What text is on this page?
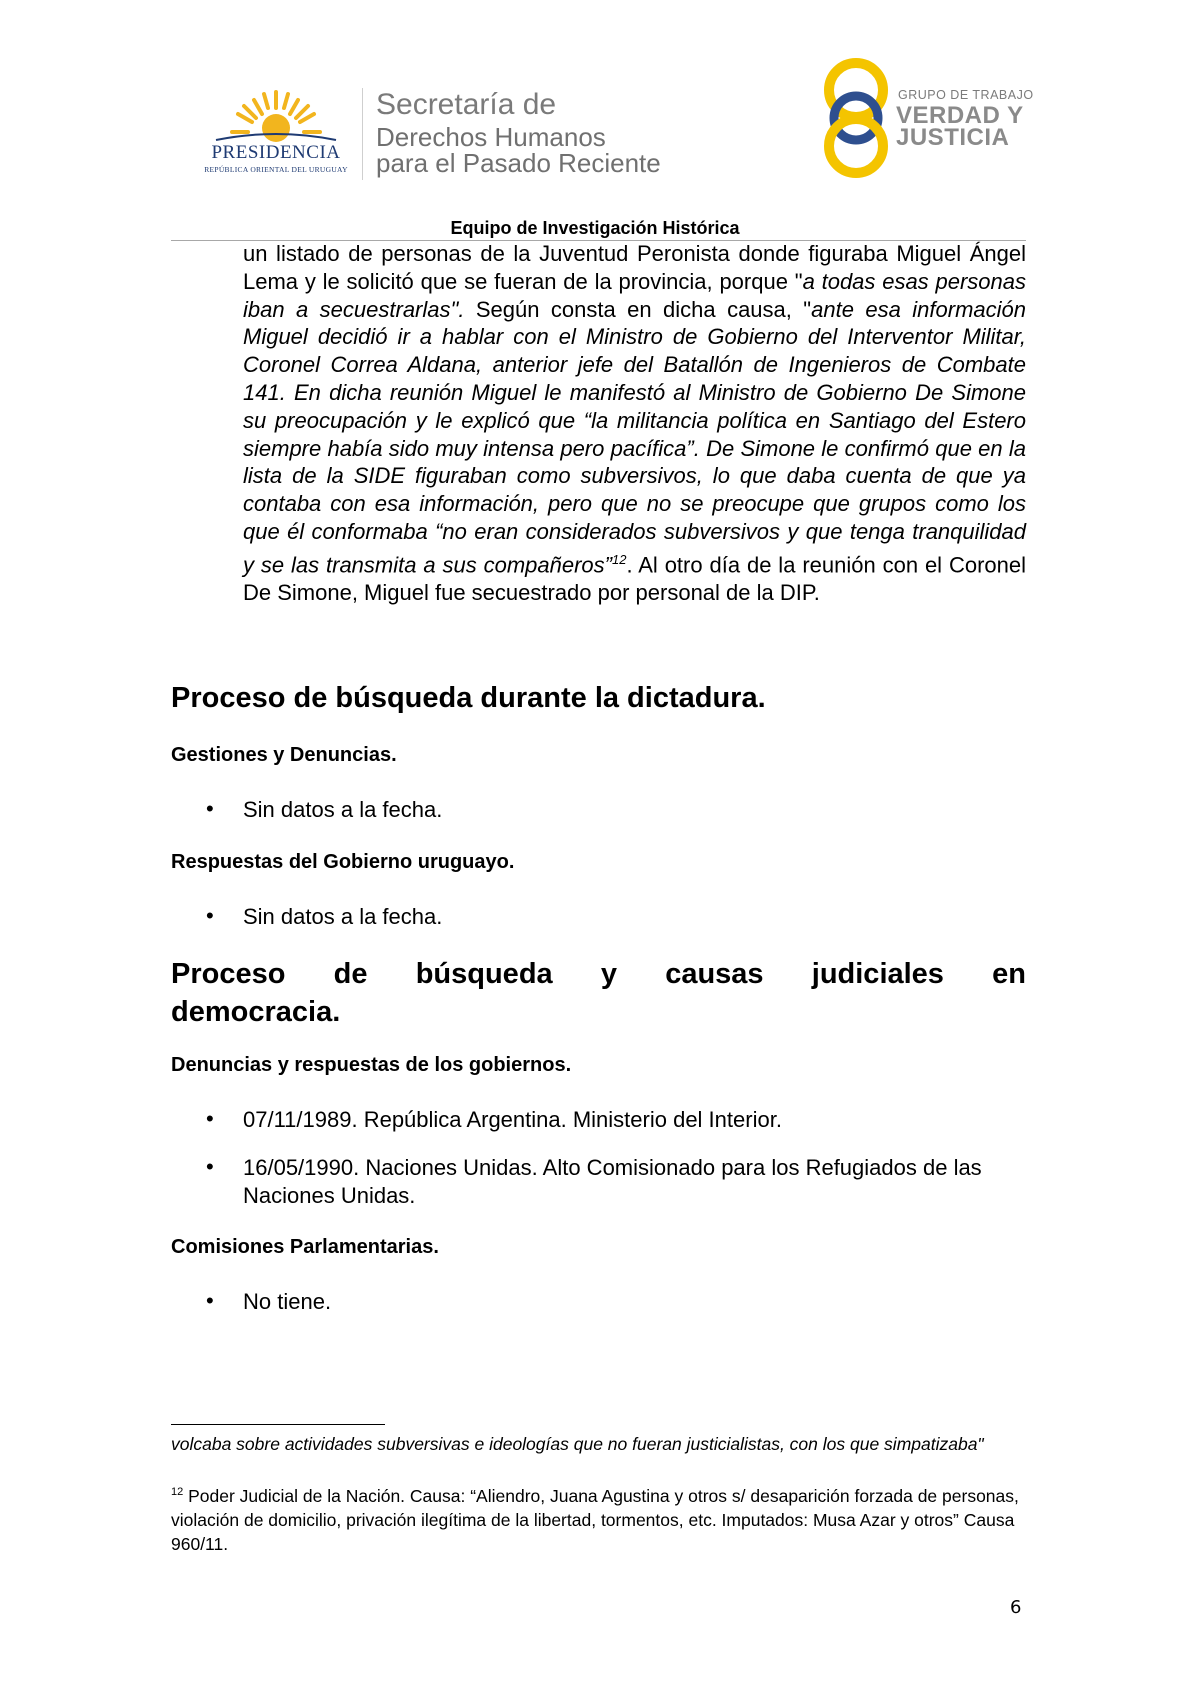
PRESIDENCIA
REPÚBLICA ORIENTAL DEL URUGUAY
Secretaría de
Derechos Humanos
para el Pasado Reciente
GRUPO DE TRABAJO
VERDAD Y
JUSTICIA
Equipo de Investigación Histórica
un listado de personas de la Juventud Peronista donde figuraba Miguel Ángel Lema y le solicitó que se fueran de la provincia, porque "a todas esas personas iban a secuestrarlas". Según consta en dicha causa, "ante esa información Miguel decidió ir a hablar con el Ministro de Gobierno del Interventor Militar, Coronel Correa Aldana, anterior jefe del Batallón de Ingenieros de Combate 141. En dicha reunión Miguel le manifestó al Ministro de Gobierno De Simone su preocupación y le explicó que “la militancia política en Santiago del Estero siempre había sido muy intensa pero pacífica”. De Simone le confirmó que en la lista de la SIDE figuraban como subversivos, lo que daba cuenta de que ya contaba con esa información, pero que no se preocupe que grupos como los que él conformaba “no eran considerados subversivos y que tenga tranquilidad y se las transmita a sus compañeros”$^{12}$. Al otro día de la reunión con el Coronel De Simone, Miguel fue secuestrado por personal de la DIP.
Proceso de búsqueda durante la dictadura.
Gestiones y Denuncias.
• Sin datos a la fecha.
Respuestas del Gobierno uruguayo.
• Sin datos a la fecha.
Proceso de búsqueda y causas judiciales en
democracia.
Denuncias y respuestas de los gobiernos.
• 07/11/1989. República Argentina. Ministerio del Interior.
• 16/05/1990. Naciones Unidas. Alto Comisionado para los Refugiados de las Naciones Unidas.
Comisiones Parlamentarias.
• No tiene.
volcaba sobre actividades subversivas e ideologías que no fueran justicialistas, con los que simpatizaba"
$^{12}$ Poder Judicial de la Nación. Causa: “Aliendro, Juana Agustina y otros s/ desaparición forzada de personas, violación de domicilio, privación ilegítima de la libertad, tormentos, etc. Imputados: Musa Azar y otros” Causa 960/11.
6
